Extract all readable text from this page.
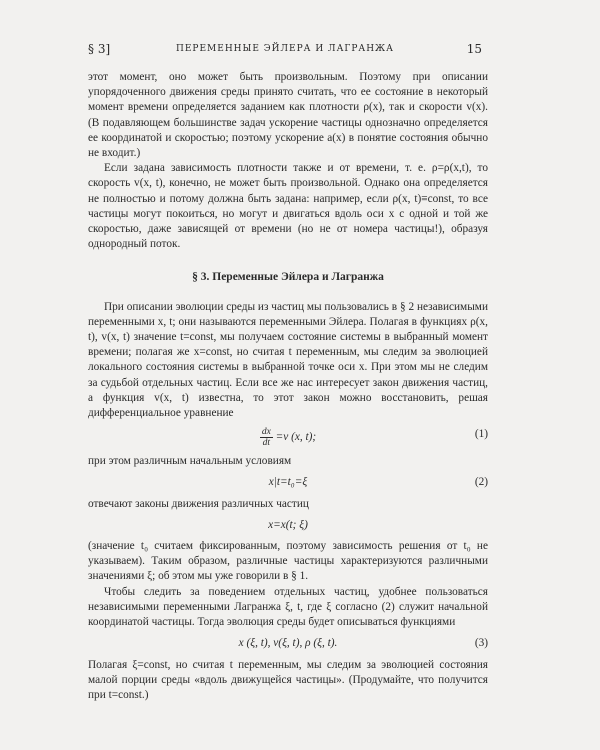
§ 3]	ПЕРЕМЕННЫЕ ЭЙЛЕРА И ЛАГРАНЖА	15

этот момент, оно может быть произвольным. Поэтому при описании упорядоченного движения среды принято считать, что ее состояние в некоторый момент времени определяется заданием как плотности ρ(x), так и скорости v(x). (В подавляющем большинстве задач ускорение частицы однозначно определяется ее координатой и скоростью; поэтому ускорение a(x) в понятие состояния обычно не входит.)

Если задана зависимость плотности также и от времени, т. е. ρ=ρ(x,t), то скорость v(x, t), конечно, не может быть произвольной. Однако она определяется не полностью и потому должна быть задана: например, если ρ(x, t)≡const, то все частицы могут покоиться, но могут и двигаться вдоль оси x с одной и той же скоростью, даже зависящей от времени (но не от номера частицы!), образуя однородный поток.

§ 3. Переменные Эйлера и Лагранжа

При описании эволюции среды из частиц мы пользовались в § 2 независимыми переменными x, t; они называются переменными Эйлера. Полагая в функциях ρ(x, t), v(x, t) значение t=const, мы получаем состояние системы в выбранный момент времени; полагая же x=const, но считая t переменным, мы следим за эволюцией локального состояния системы в выбранной точке оси x. При этом мы не следим за судьбой отдельных частиц. Если все же нас интересует закон движения частиц, а функция v(x, t) известна, то этот закон можно восстановить, решая дифференциальное уравнение

$\frac{dx}{dt} =v$ (x, t);	(1)

при этом различным начальным условиям

x|t=t₀=ξ	(2)

отвечают законы движения различных частиц

x=x(t; ξ)

(значение t₀ считаем фиксированным, поэтому зависимость решения от t₀ не указываем). Таким образом, различные частицы характеризуются различными значениями ξ; об этом мы уже говорили в § 1.

Чтобы следить за поведением отдельных частиц, удобнее пользоваться независимыми переменными Лагранжа ξ, t, где ξ согласно (2) служит начальной координатой частицы. Тогда эволюция среды будет описываться функциями

x (ξ, t), v(ξ, t), ρ (ξ, t).	(3)

Полагая ξ=const, но считая t переменным, мы следим за эволюцией состояния малой порции среды «вдоль движущейся частицы». (Продумайте, что получится при t=const.)
